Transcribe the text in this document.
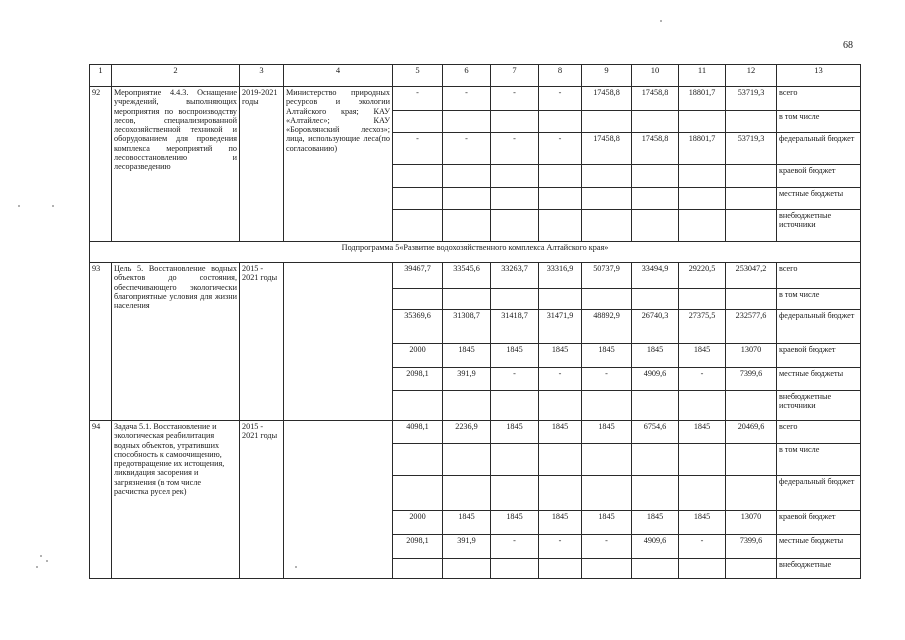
68
1	2	3	4	5	6	7	8	9	10	11	12	13
92	Мероприятие 4.4.3. Оснащение учреждений, выполняющих мероприятия по воспроизводству лесов, специализированной лесохозяйственной техникой и оборудованием для проведения комплекса мероприятий по лесовосстановлению и лесоразведению	2019-2021 годы	Министерство природных ресурсов и экологии Алтайского края; КАУ «Алтайлес»; КАУ «Боровлянский лесхоз»; лица, использующие леса(по согласованию)	-	-	-	-	17458,8	17458,8	18801,7	53719,3	всего
												в том числе
				-	-	-	-	17458,8	17458,8	18801,7	53719,3	федеральный бюджет
												краевой бюджет
												местные бюджеты
												внебюджетные источники
Подпрограмма 5«Развитие водохозяйственного комплекса Алтайского края»												
93	Цель 5. Восстановление водных объектов до состояния, обеспечивающего экологически благоприятные условия для жизни населения	2015 - 2021 годы		39467,7	33545,6	33263,7	33316,9	50737,9	33494,9	29220,5	253047,2	всего
												в том числе
				35369,6	31308,7	31418,7	31471,9	48892,9	26740,3	27375,5	232577,6	федеральный бюджет
				2000	1845	1845	1845	1845	1845	1845	13070	краевой бюджет
				2098,1	391,9	-	-	-	4909,6	-	7399,6	местные бюджеты
												внебюджетные источники
94	Задача 5.1. Восстановление и экологическая реабилитация водных объектов, утративших способность к самоочищению, предотвращение их истощения, ликвидация засорения и загрязнения (в том числе расчистка русел рек)	2015 - 2021 годы		4098,1	2236,9	1845	1845	1845	6754,6	1845	20469,6	всего
												в том числе
												федеральный бюджет
				2000	1845	1845	1845	1845	1845	1845	13070	краевой бюджет
				2098,1	391,9	-	-	-	4909,6	-	7399,6	местные бюджеты
												внебюджетные
